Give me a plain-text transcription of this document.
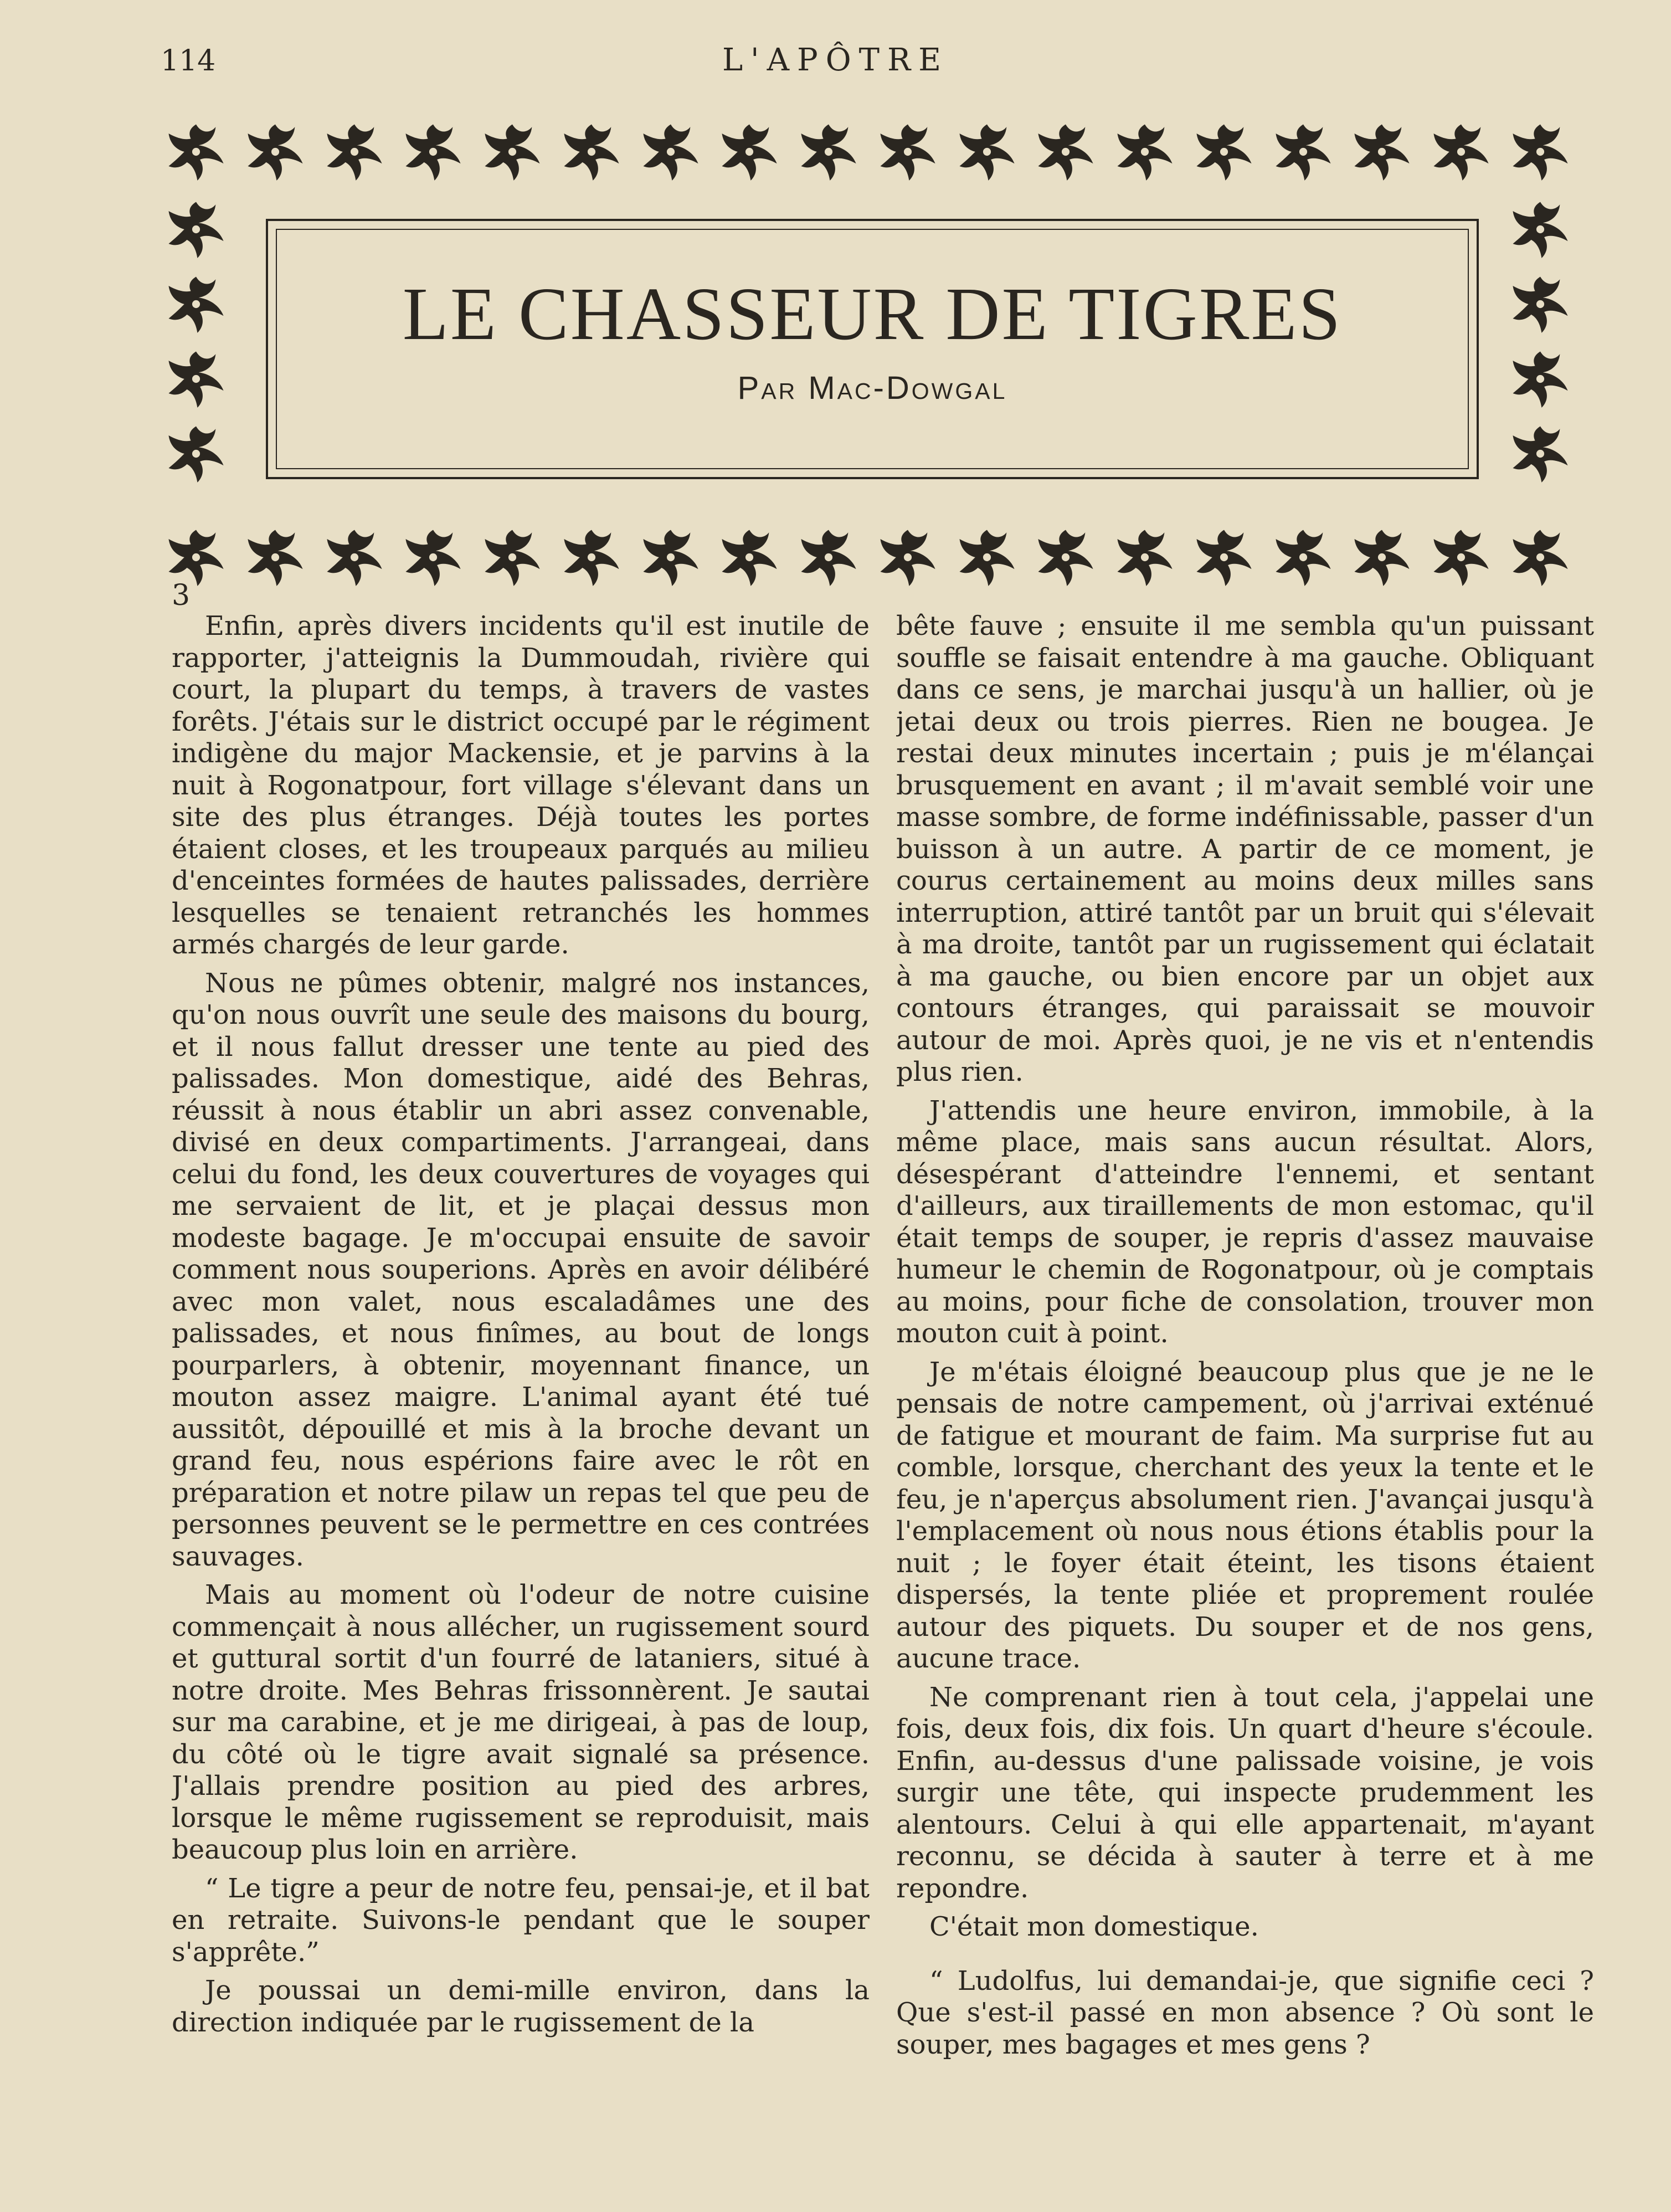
114	L'APÔTRE
LE CHASSEUR DE TIGRES
Par Mac-Dowgal
3

Enfin, après divers incidents qu'il est inutile de rapporter, j'atteignis la Dummoudah, rivière qui court, la plupart du temps, à travers de vastes forêts. J'étais sur le district occupé par le régiment indigène du major Mackensie, et je parvins à la nuit à Rogonatpour, fort village s'élevant dans un site des plus étranges. Déjà toutes les portes étaient closes, et les troupeaux parqués au milieu d'enceintes formées de hautes palissades, derrière lesquelles se tenaient retranchés les hommes armés chargés de leur garde.

Nous ne pûmes obtenir, malgré nos instances, qu'on nous ouvrît une seule des maisons du bourg, et il nous fallut dresser une tente au pied des palissades. Mon domestique, aidé des Behras, réussit à nous établir un abri assez convenable, divisé en deux compartiments. J'arrangeai, dans celui du fond, les deux couvertures de voyages qui me servaient de lit, et je plaçai dessus mon modeste bagage. Je m'occupai ensuite de savoir comment nous souperions. Après en avoir délibéré avec mon valet, nous escaladâmes une des palissades, et nous finîmes, au bout de longs pourparlers, à obtenir, moyennant finance, un mouton assez maigre. L'animal ayant été tué aussitôt, dépouillé et mis à la broche devant un grand feu, nous espérions faire avec le rôt en préparation et notre pilaw un repas tel que peu de personnes peuvent se le permettre en ces contrées sauvages.

Mais au moment où l'odeur de notre cuisine commençait à nous allécher, un rugissement sourd et guttural sortit d'un fourré de lataniers, situé à notre droite. Mes Behras frissonnèrent. Je sautai sur ma carabine, et je me dirigeai, à pas de loup, du côté où le tigre avait signalé sa présence. J'allais prendre position au pied des arbres, lorsque le même rugissement se reproduisit, mais beaucoup plus loin en arrière.

“ Le tigre a peur de notre feu, pensai-je, et il bat en retraite. Suivons-le pendant que le souper s'apprête.”

Je poussai un demi-mille environ, dans la direction indiquée par le rugissement de la

bête fauve ; ensuite il me sembla qu'un puissant souffle se faisait entendre à ma gauche. Obliquant dans ce sens, je marchai jusqu'à un hallier, où je jetai deux ou trois pierres. Rien ne bougea. Je restai deux minutes incertain ; puis je m'élançai brusquement en avant ; il m'avait semblé voir une masse sombre, de forme indéfinissable, passer d'un buisson à un autre. A partir de ce moment, je courus certainement au moins deux milles sans interruption, attiré tantôt par un bruit qui s'élevait à ma droite, tantôt par un rugissement qui éclatait à ma gauche, ou bien encore par un objet aux contours étranges, qui paraissait se mouvoir autour de moi. Après quoi, je ne vis et n'entendis plus rien.

J'attendis une heure environ, immobile, à la même place, mais sans aucun résultat. Alors, désespérant d'atteindre l'ennemi, et sentant d'ailleurs, aux tiraillements de mon estomac, qu'il était temps de souper, je repris d'assez mauvaise humeur le chemin de Rogonatpour, où je comptais au moins, pour fiche de consolation, trouver mon mouton cuit à point.

Je m'étais éloigné beaucoup plus que je ne le pensais de notre campement, où j'arrivai exténué de fatigue et mourant de faim. Ma surprise fut au comble, lorsque, cherchant des yeux la tente et le feu, je n'aperçus absolument rien. J'avançai jusqu'à l'emplacement où nous nous étions établis pour la nuit ; le foyer était éteint, les tisons étaient dispersés, la tente pliée et proprement roulée autour des piquets. Du souper et de nos gens, aucune trace.

Ne comprenant rien à tout cela, j'appelai une fois, deux fois, dix fois. Un quart d'heure s'écoule. Enfin, au-dessus d'une palissade voisine, je vois surgir une tête, qui inspecte prudemment les alentours. Celui à qui elle appartenait, m'ayant reconnu, se décida à sauter à terre et à me repondre.

C'était mon domestique.

“ Ludolfus, lui demandai-je, que signifie ceci ? Que s'est-il passé en mon absence ? Où sont le souper, mes bagages et mes gens ?
